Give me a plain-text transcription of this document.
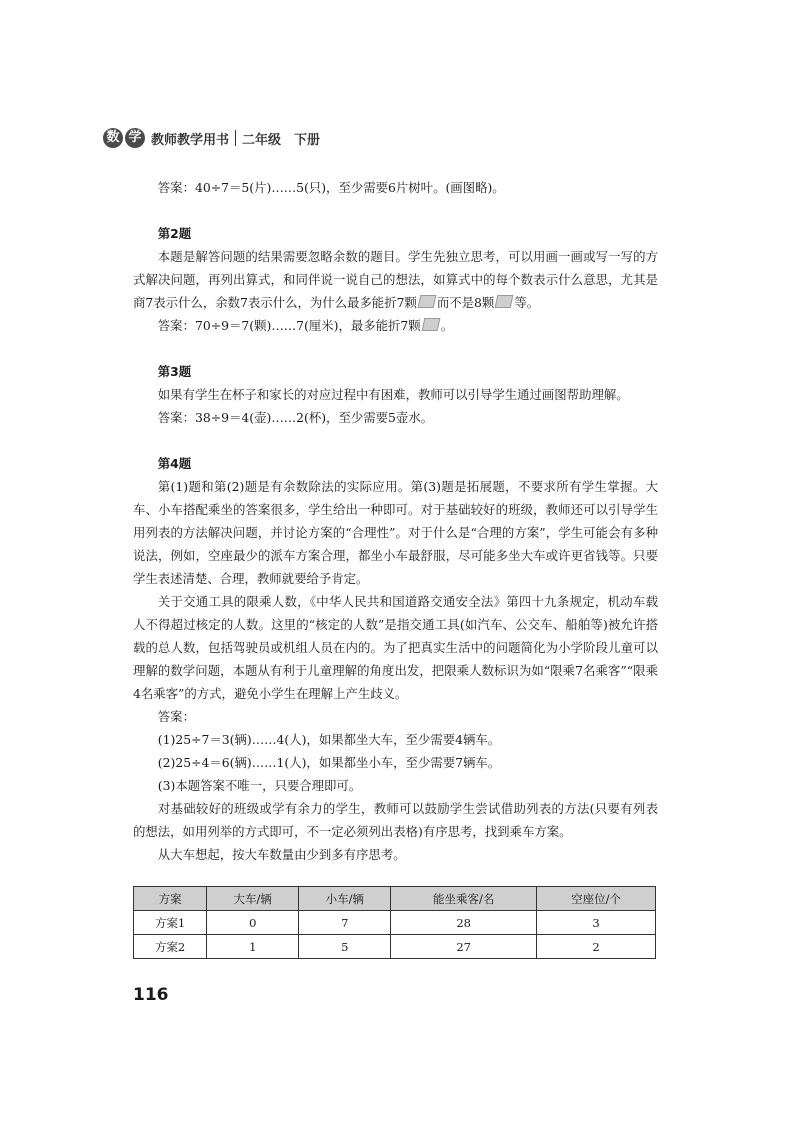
数 学 教师教学用书 二年级　下册

答案：40÷7＝5(片)……5(只)，至少需要6片树叶。(画图略)。

第2题

本题是解答问题的结果需要忽略余数的题目。学生先独立思考，可以用画一画或写一写的方式解决问题，再列出算式，和同伴说一说自己的想法，如算式中的每个数表示什么意思，尤其是商7表示什么，余数7表示什么，为什么最多能折7颗 而不是8颗 等。

答案：70÷9＝7(颗)……7(厘米)，最多能折7颗 。

第3题

如果有学生在杯子和家长的对应过程中有困难，教师可以引导学生通过画图帮助理解。

答案：38÷9＝4(壶)……2(杯)，至少需要5壶水。

第4题

第(1)题和第(2)题是有余数除法的实际应用。第(3)题是拓展题，不要求所有学生掌握。大车、小车搭配乘坐的答案很多，学生给出一种即可。对于基础较好的班级，教师还可以引导学生用列表的方法解决问题，并讨论方案的“合理性”。对于什么是“合理的方案”，学生可能会有多种说法，例如，空座最少的派车方案合理，都坐小车最舒服，尽可能多坐大车或许更省钱等。只要学生表述清楚、合理，教师就要给予肯定。

关于交通工具的限乘人数，《中华人民共和国道路交通安全法》第四十九条规定，机动车载人不得超过核定的人数。这里的“核定的人数”是指交通工具(如汽车、公交车、船舶等)被允许搭载的总人数，包括驾驶员或机组人员在内的。为了把真实生活中的问题简化为小学阶段儿童可以理解的数学问题，本题从有利于儿童理解的角度出发，把限乘人数标识为如“限乘7名乘客”“限乘4名乘客”的方式，避免小学生在理解上产生歧义。

答案：

(1)25÷7＝3(辆)……4(人)，如果都坐大车，至少需要4辆车。

(2)25÷4＝6(辆)……1(人)，如果都坐小车，至少需要7辆车。

(3)本题答案不唯一，只要合理即可。

对基础较好的班级或学有余力的学生，教师可以鼓励学生尝试借助列表的方法(只要有列表的想法，如用列举的方式即可，不一定必须列出表格)有序思考，找到乘车方案。

从大车想起，按大车数量由少到多有序思考。

方案	大车/辆	小车/辆	能坐乘客/名	空座位/个
方案1	0	7	28	3
方案2	1	5	27	2
116
